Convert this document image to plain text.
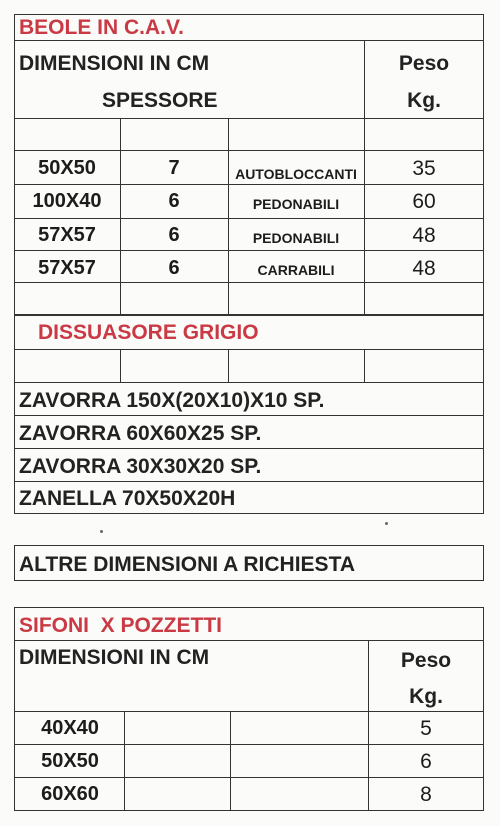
BEOLE IN C.A.V.
DIMENSIONI IN CM
SPESSORE
Peso
Kg.
50X50	7	AUTOBLOCCANTI	35
100X40	6	PEDONABILI	60
57X57	6	PEDONABILI	48
57X57	6	CARRABILI	48
DISSUASORE GRIGIO
ZAVORRA 150X(20X10)X10 SP.
ZAVORRA 60X60X25 SP.
ZAVORRA 30X30X20 SP.
ZANELLA 70X50X20H
ALTRE DIMENSIONI A RICHIESTA
SIFONI  X POZZETTI
DIMENSIONI IN CM	Peso
Kg.
40X40	5
50X50	6
60X60	8
